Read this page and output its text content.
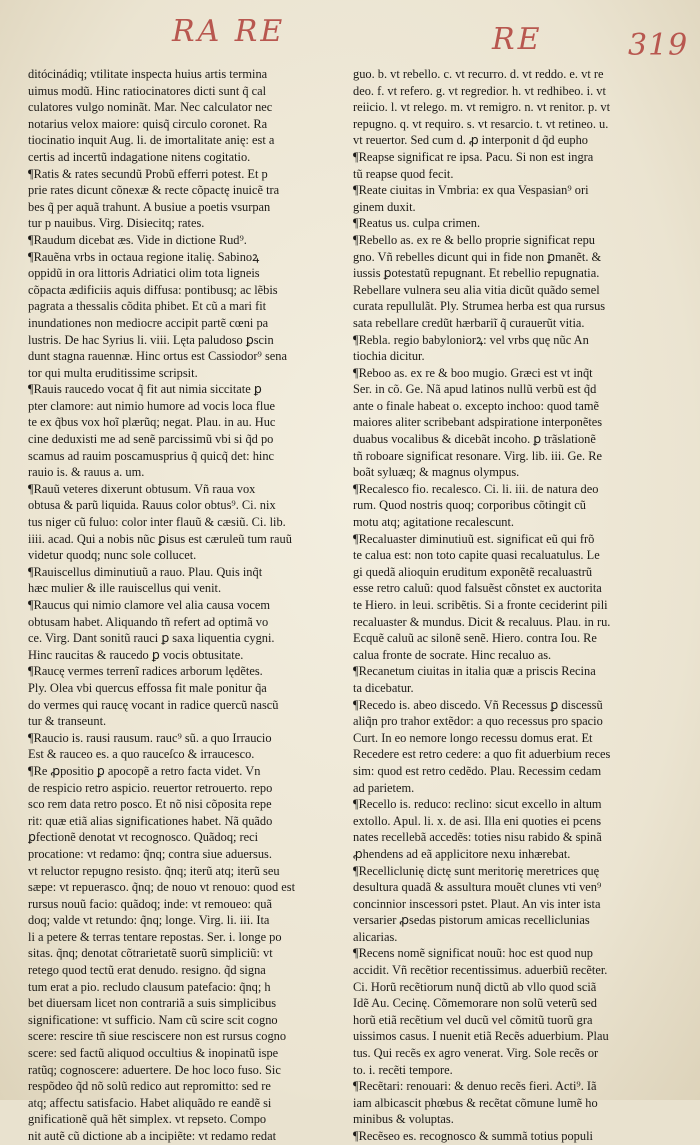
RA RE	RE	319
ditócinádiq; vtilitate inspecta huius artis termina
uimus modũ. Hinc ratiocinatores dicti sunt q̃ cal
culatores vulgo nominãt. Mar. Nec calculator nec
notarius velox maiore: quisq̃ circulo coronet. Ra
tiocinatio inquit Aug. li. de imortalitate anię: est a
certis ad incertũ indagatione nitens cogitatio.
¶Ratis & rates secundũ Probũ efferri potest. Et p
prie rates dicunt cõnexæ & recte cõpactę inuicẽ tra
bes q̃ per aquã trahunt. A busiue a poetis vsurpan
tur p nauibus. Virg. Disiecitq; rates.
¶Raudum dicebat æs. Vide in dictione Rud⁹.
¶Rauẽna vrbs in octaua regione italię. Sabinoꝝ
oppidũ in ora littoris Adriatici olim tota ligneis
cõpacta ædificiis aquis diffusa: pontibusq; ac lẽbis
pagrata a thessalis cõdita phibet. Et cũ a mari fit
inundationes non mediocre accipit partẽ cœni pa
lustris. De hac Syrius li. viii. Lęta paludoso ꝑscin
dunt stagna rauennæ. Hinc ortus est Cassiodor⁹ sena
tor qui multa eruditissime scripsit.
¶Rauis raucedo vocat q̃ fit aut nimia siccitate ꝑ
pter clamore: aut nimio humore ad vocis loca flue
te ex q̃bus vox hoĩ plærũq; negat. Plau. in au. Huc
cine deduxisti me ad senẽ parcissimũ vbi si q̃d po
scamus ad rauim poscamusprius q̃ quicq̃ det: hinc
rauio is. & rauus a. um.
¶Rauũ veteres dixerunt obtusum. Vñ raua vox
obtusa & parũ liquida. Rauus color obtus⁹. Ci. nix
tus niger cũ fuluo: color inter flauũ & cæsiũ. Ci. lib.
iiii. acad. Qui a nobis nũc ꝑisus est cæruleũ tum rauũ
videtur quodq; nunc sole collucet.
¶Rauiscellus diminutiuũ a rauo. Plau. Quis inq̃t
hæc mulier & ille rauiscellus qui venit.
¶Raucus qui nimio clamore vel alia causa vocem
obtusam habet. Aliquando tñ refert ad optimã vo
ce. Virg. Dant sonitũ rauci ꝑ saxa liquentia cygni.
Hinc raucitas & raucedo ꝑ vocis obtusitate.
¶Raucę vermes terrenĩ radices arborum lędẽtes.
Ply. Olea vbi quercus effossa fit male ponitur q̃a
do vermes qui raucę vocant in radice quercũ nascũ
tur & transeunt.
¶Raucio is. rausi rausum. rauc⁹ sũ. a quo Irraucio
Est & rauceo es. a quo rauceſco & irraucesco.
¶Re ꝓpositio ꝑ apocopẽ a retro facta videt. Vn
de respicio retro aspicio. reuertor retrouerto. repo
sco rem data retro posco. Et nõ nisi cõposita repe
rit: quæ etiã alias significationes habet. Nã quãdo
ꝑfectionẽ denotat vt recognosco. Quãdoq; reci
procatione: vt redamo: q̃nq; contra siue aduersus.
vt reluctor repugno resisto. q̃nq; iterũ atq; iterũ seu
sæpe: vt repuerasco. q̃nq; de nouo vt renouo: quod est
rursus nouũ facio: quãdoq; inde: vt remoueo: quã
doq; valde vt retundo: q̃nq; longe. Virg. li. iii. Ita
li a petere & terras tentare repostas. Ser. i. longe po
sitas. q̃nq; denotat cõtrarietatẽ suorũ simpliciũ: vt
retego quod tectũ erat denudo. resigno. q̃d signa
tum erat a pio. recludo clausum patefacio: q̃nq; h
bet diuersam licet non contrariã a suis simplicibus
significatione: vt sufficio. Nam cũ scire scit cogno
scere: rescire tñ siue resciscere non est rursus cogno
scere: sed factũ aliquod occultius & inopinatũ ispe
ratũq; cognoscere: aduertere. De hoc loco fuso. Sic
respõdeo q̃d nõ solũ redico aut repromitto: sed re
atq; affectu satisfacio. Habet aliquãdo re eandẽ si
gnificationẽ quã hẽt simplex. vt repseto. Compo
nit autẽ cũ dictione ab a incipiẽte: vt redamo redat
guo. b. vt rebello. c. vt recurro. d. vt reddo. e. vt re
deo. f. vt refero. g. vt regredior. h. vt redhibeo. i. vt
reiicio. l. vt relego. m. vt remigro. n. vt renitor. p. vt
repugno. q. vt requiro. s. vt resarcio. t. vt retineo. u.
vt reuertor. Sed cum d. ꝓ interponit d q̃d eupho
¶Reapse significat re ipsa. Pacu. Si non est ingra
tũ reapse quod fecit.
¶Reate ciuitas in Vmbria: ex qua Vespasian⁹ ori
ginem duxit.
¶Reatus us. culpa crimen.
¶Rebello as. ex re & bello proprie significat repu
gno. Vñ rebelles dicunt qui in fide non ꝑmanẽt. &
iussis ꝑotestatũ repugnant. Et rebellio repugnatia.
Rebellare vulnera seu alia vitia dicũt quãdo semel
curata repullulãt. Ply. Strumea herba est qua rursus
sata rebellare credũt hærbariĩ q̃ curauerũt vitia.
¶Rebla. regio babyloniorꝝ: vel vrbs quę nũc An
tiochia dicitur.
¶Reboo as. ex re & boo mugio. Græci est vt inq̃t
Ser. in cõ. Ge. Nã apud latinos nullũ verbũ est q̃d
ante o finale habeat o. excepto inchoo: quod tamẽ
maiores aliter scribebant adspiratione interponẽtes
duabus vocalibus & dicebãt incoho. ꝑ trãslationẽ
tñ roboare significat resonare. Virg. lib. iii. Ge. Re
boãt syluæq; & magnus olympus.
¶Recalesco fio. recalesco. Ci. li. iii. de natura deo
rum. Quod nostris quoq; corporibus cõtingit cũ
motu atq; agitatione recalescunt.
¶Recaluaster diminutiuũ est. significat eũ qui frõ
te calua est: non toto capite quasi recaluatulus. Le
gi quedã alioquin eruditum exponẽtẽ recaluastrũ
esse retro caluũ: quod falsuẽst cõnstet ex auctorita
te Hiero. in leui. scribẽtis. Si a fronte ceciderint pili
recaluaster & mundus. Dicit & recaluus. Plau. in ru.
Ecquẽ caluũ ac silonẽ senẽ. Hiero. contra Iou. Re
calua fronte de socrate. Hinc recaluo as.
¶Recanetum ciuitas in italia quæ a priscis Recina
ta dicebatur.
¶Recedo is. abeo discedo. Vñ Recessus ꝑ discessũ
aliq̃n pro trahor extẽdor: a quo recessus pro spacio
Curt. In eo nemore longo recessu domus erat. Et
Recedere est retro cedere: a quo fit aduerbium reces
sim: quod est retro cedẽdo. Plau. Recessim cedam
ad parietem.
¶Recello is. reduco: reclino: sicut excello in altum
extollo. Apul. li. x. de asi. Illa eni quoties ei pcens
nates recellebã accedẽs: toties nisu rabido & spinã
ꝓhendens ad eã applicitore nexu inhærebat.
¶Recelliclunię dictę sunt meritorię meretrices quę
desultura quadã & assultura mouẽt clunes vti ven⁹
concinnior inscessori pstet. Plaut. An vis inter ista
versarier ꝓsedas pistorum amicas recelliclunias
alicarias.
¶Recens nomẽ significat nouũ: hoc est quod nup
accidit. Vñ recẽtior recentissimus. aduerbiũ recẽter.
Ci. Horũ recẽtiorum nunq̃ dictũ ab vllo quod sciã
Idẽ Au. Cecinę. Cõmemorare non solũ veterũ sed
horũ etiã recẽtium vel ducũ vel cõmitũ tuorũ gra
uissimos casus. I nuenit etiã Recẽs aduerbium. Plau
tus. Qui recẽs ex agro venerat. Virg. Sole recẽs or
to. i. recẽti tempore.
¶Recẽtari: renouari: & denuo recẽs fieri. Acti⁹. Iã
iam albicascit phœbus & recẽtat cõmune lumẽ ho
minibus & voluptas.
¶Recẽseo es. recognosco & summã totius populi
